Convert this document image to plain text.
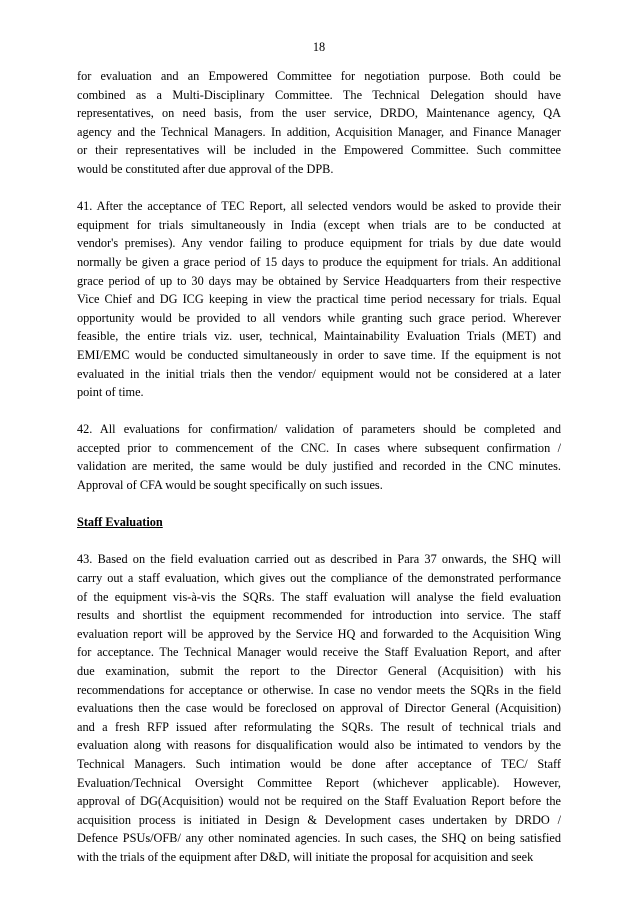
18
for evaluation and an Empowered Committee for negotiation purpose. Both could be
combined as a Multi-Disciplinary Committee. The Technical Delegation should have
representatives, on need basis, from the user service, DRDO, Maintenance agency, QA
agency and the Technical Managers. In addition, Acquisition Manager, and Finance Manager
or their representatives will be included in the Empowered Committee. Such committee
would be constituted after due approval of the DPB.
41. After the acceptance of TEC Report, all selected vendors would be asked to provide their
equipment for trials simultaneously in India (except when trials are to be conducted at
vendor's premises). Any vendor failing to produce equipment for trials by due date would
normally be given a grace period of 15 days to produce the equipment for trials. An additional
grace period of up to 30 days may be obtained by Service Headquarters from their respective
Vice Chief and DG ICG keeping in view the practical time period necessary for trials. Equal
opportunity would be provided to all vendors while granting such grace period. Wherever
feasible, the entire trials viz. user, technical, Maintainability Evaluation Trials (MET) and
EMI/EMC would be conducted simultaneously in order to save time. If the equipment is not
evaluated in the initial trials then the vendor/ equipment would not be considered at a later
point of time.
42. All evaluations for confirmation/ validation of parameters should be completed and
accepted prior to commencement of the CNC. In cases where subsequent confirmation /
validation are merited, the same would be duly justified and recorded in the CNC minutes.
Approval of CFA would be sought specifically on such issues.
Staff Evaluation
43. Based on the field evaluation carried out as described in Para 37 onwards, the SHQ will
carry out a staff evaluation, which gives out the compliance of the demonstrated performance
of the equipment vis-à-vis the SQRs. The staff evaluation will analyse the field evaluation
results and shortlist the equipment recommended for introduction into service. The staff
evaluation report will be approved by the Service HQ and forwarded to the Acquisition Wing
for acceptance. The Technical Manager would receive the Staff Evaluation Report, and after
due examination, submit the report to the Director General (Acquisition) with his
recommendations for acceptance or otherwise. In case no vendor meets the SQRs in the field
evaluations then the case would be foreclosed on approval of Director General (Acquisition)
and a fresh RFP issued after reformulating the SQRs. The result of technical trials and
evaluation along with reasons for disqualification would also be intimated to vendors by the
Technical Managers. Such intimation would be done after acceptance of TEC/ Staff
Evaluation/Technical Oversight Committee Report (whichever applicable). However,
approval of DG(Acquisition) would not be required on the Staff Evaluation Report before the
acquisition process is initiated in Design & Development cases undertaken by DRDO /
Defence PSUs/OFB/ any other nominated agencies. In such cases, the SHQ on being satisfied
with the trials of the equipment after D&D, will initiate the proposal for acquisition and seek
